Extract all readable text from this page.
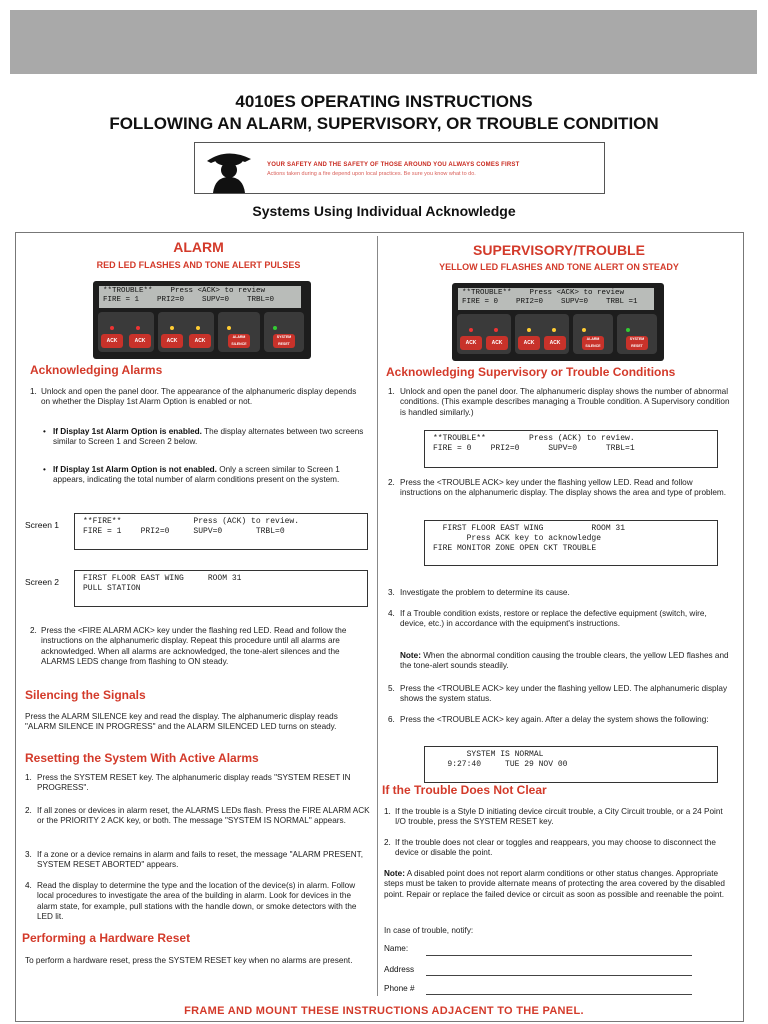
4010ES OPERATING INSTRUCTIONS
FOLLOWING AN ALARM, SUPERVISORY, OR TROUBLE CONDITION
YOUR SAFETY AND THE SAFETY OF THOSE AROUND YOU ALWAYS COMES FIRST
Actions taken during a fire depend upon local practices. Be sure you know what to do.
Systems Using Individual Acknowledge
ALARM
RED LED FLASHES AND TONE ALERT PULSES
**TROUBLE**    Press <ACK> to review
FIRE = 1    PRI2=0    SUPV=0    TRBL=0
ACK	ACK	ACK	ACK
ALARM SILENCE
SYSTEM RESET
Acknowledging Alarms
1. Unlock and open the panel door. The appearance of the alphanumeric display depends on whether the Display 1st Alarm Option is enabled or not.
• If Display 1st Alarm Option is enabled. The display alternates between two screens similar to Screen 1 and Screen 2 below.
• If Display 1st Alarm Option is not enabled. Only a screen similar to Screen 1 appears, indicating the total number of alarm conditions present on the system.
Screen 1	**FIRE**               Press (ACK) to review.
FIRE = 1    PRI2=0     SUPV=0       TRBL=0
Screen 2	FIRST FLOOR EAST WING     ROOM 31
PULL STATION
2. Press the <FIRE ALARM ACK> key under the flashing red LED. Read and follow the instructions on the alphanumeric display. Repeat this procedure until all alarms are acknowledged. When all alarms are acknowledged, the tone-alert silences and the ALARMS LEDS change from flashing to ON steady.
Silencing the Signals
Press the ALARM SILENCE key and read the display. The alphanumeric display reads "ALARM SILENCE IN PROGRESS" and the ALARM SILENCED LED turns on steady.
Resetting the System With Active Alarms
1. Press the SYSTEM RESET key. The alphanumeric display reads "SYSTEM RESET IN PROGRESS".
2. If all zones or devices in alarm reset, the ALARMS LEDs flash. Press the FIRE ALARM ACK or the PRIORITY 2 ACK key, or both. The message "SYSTEM IS NORMAL" appears.
3. If a zone or a device remains in alarm and fails to reset, the message "ALARM PRESENT, SYSTEM RESET ABORTED" appears.
4. Read the display to determine the type and the location of the device(s) in alarm. Follow local procedures to investigate the area of the building in alarm. Look for devices in the alarm state, for example, pull stations with the handle down, or smoke detectors with the LED lit.
Performing a Hardware Reset
To perform a hardware reset, press the SYSTEM RESET key when no alarms are present.
SUPERVISORY/TROUBLE
YELLOW LED FLASHES AND TONE ALERT ON STEADY
**TROUBLE**    Press <ACK> to review
FIRE = 0    PRI2=0    SUPV=0    TRBL =1
ACK	ACK	ACK	ACK
ALARM SILENCE
SYSTEM RESET
Acknowledging Supervisory or Trouble Conditions
1. Unlock and open the panel door. The alphanumeric display shows the number of abnormal conditions. (This example describes managing a Trouble condition. A Supervisory condition is handled similarly.)
**TROUBLE**         Press (ACK) to review.
FIRE = 0    PRI2=0      SUPV=0      TRBL=1
2. Press the <TROUBLE ACK> key under the flashing yellow LED. Read and follow instructions on the alphanumeric display. The display shows the area and type of problem.
FIRST FLOOR EAST WING          ROOM 31
Press ACK key to acknowledge
FIRE MONITOR ZONE OPEN CKT TROUBLE
3. Investigate the problem to determine its cause.
4. If a Trouble condition exists, restore or replace the defective equipment (switch, wire, device, etc.) in accordance with the equipment's instructions.
Note: When the abnormal condition causing the trouble clears, the yellow LED flashes and the tone-alert sounds steadily.
5. Press the <TROUBLE ACK> key under the flashing yellow LED. The alphanumeric display shows the system status.
6. Press the <TROUBLE ACK> key again. After a delay the system shows the following:
SYSTEM IS NORMAL
9:27:40     TUE 29 NOV 00
If the Trouble Does Not Clear
1. If the trouble is a Style D initiating device circuit trouble, a City Circuit trouble, or a 24 Point I/O trouble, press the SYSTEM RESET key.
2. If the trouble does not clear or toggles and reappears, you may choose to disconnect the device or disable the point.
Note: A disabled point does not report alarm conditions or other status changes. Appropriate steps must be taken to provide alternate means of protecting the area covered by the disabled point. Repair or replace the failed device or circuit as soon as possible and reenable the point.
In case of trouble, notify:
Name:
Address
Phone #
FRAME AND MOUNT THESE INSTRUCTIONS ADJACENT TO THE PANEL.
